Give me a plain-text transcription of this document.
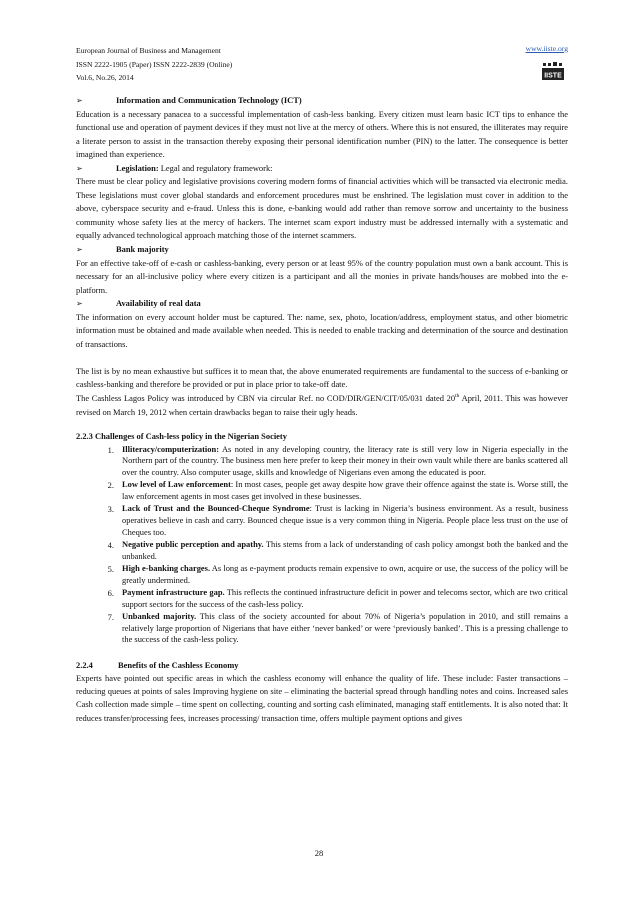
European Journal of Business and Management
ISSN 2222-1905 (Paper) ISSN 2222-2839 (Online)
Vol.6, No.26, 2014
www.iiste.org
IISTE
➢	Information and Communication Technology (ICT)

Education is a necessary panacea to a successful implementation of cash-less banking. Every citizen must learn basic ICT tips to enhance the functional use and operation of payment devices if they must not live at the mercy of others. Where this is not ensured, the illiterates may require a literate person to assist in the transaction thereby exposing their personal identification number (PIN) to the latter. The consequence is better imagined than experience.

➢	Legislation: Legal and regulatory framework:

There must be clear policy and legislative provisions covering modern forms of financial activities which will be transacted via electronic media. These legislations must cover global standards and enforcement procedures must be enshrined. The legislation must cover in addition to the above, cyberspace security and e-fraud. Unless this is done, e-banking would add rather than remove sorrow and uncertainty to the business community whose safety lies at the mercy of hackers. The internet scam export industry must be addressed internally with a systematic and equally advanced technological approach matching those of the internet scammers.

➢	Bank majority

For an effective take-off of e-cash or cashless-banking, every person or at least 95% of the country population must own a bank account. This is necessary for an all-inclusive policy where every citizen is a participant and all the monies in private hands/houses are mobbed into the e-platform.

➢	Availability of real data

The information on every account holder must be captured. The: name, sex, photo, location/address, employment status, and other biometric information must be obtained and made available when needed. This is needed to enable tracking and determination of the source and destination of transactions.

The list is by no mean exhaustive but suffices it to mean that, the above enumerated requirements are fundamental to the success of e-banking or cashless-banking and therefore be provided or put in place prior to take-off date.

The Cashless Lagos Policy was introduced by CBN via circular Ref. no COD/DIR/GEN/CIT/05/031 dated 20th April, 2011. This was however revised on March 19, 2012 when certain drawbacks began to raise their ugly heads.

2.2.3 Challenges of Cash-less policy in the Nigerian Society
1. Illiteracy/computerization: As noted in any developing country, the literacy rate is still very low in Nigeria especially in the Northern part of the country. The business men here prefer to keep their money in their own vault while there are banks scattered all over the country. Also computer usage, skills and knowledge of Nigerians even among the educated is poor.
2. Low level of Law enforcement: In most cases, people get away despite how grave their offence against the state is. Worse still, the law enforcement agents in most cases get involved in these businesses.
3. Lack of Trust and the Bounced-Cheque Syndrome: Trust is lacking in Nigeria’s business environment. As a result, business operatives believe in cash and carry. Bounced cheque issue is a very common thing in Nigeria. People place less trust on the use of Cheques too.
4. Negative public perception and apathy. This stems from a lack of understanding of cash policy amongst both the banked and the unbanked.
5. High e-banking charges. As long as e-payment products remain expensive to own, acquire or use, the success of the policy will be greatly undermined.
6. Payment infrastructure gap. This reflects the continued infrastructure deficit in power and telecoms sector, which are two critical support sectors for the success of the cash-less policy.
7. Unbanked majority. This class of the society accounted for about 70% of Nigeria’s population in 2010, and still remains a relatively large proportion of Nigerians that have either ‘never banked’ or were ‘previously banked’. This is a pressing challenge to the success of the cash-less policy.
2.2.4	Benefits of the Cashless Economy

Experts have pointed out specific areas in which the cashless economy will enhance the quality of life. These include: Faster transactions – reducing queues at points of sales Improving hygiene on site – eliminating the bacterial spread through handling notes and coins. Increased sales Cash collection made simple – time spent on collecting, counting and sorting cash eliminated, managing staff entitlements. It is also noted that: It reduces transfer/processing fees, increases processing/ transaction time, offers multiple payment options and gives

28
